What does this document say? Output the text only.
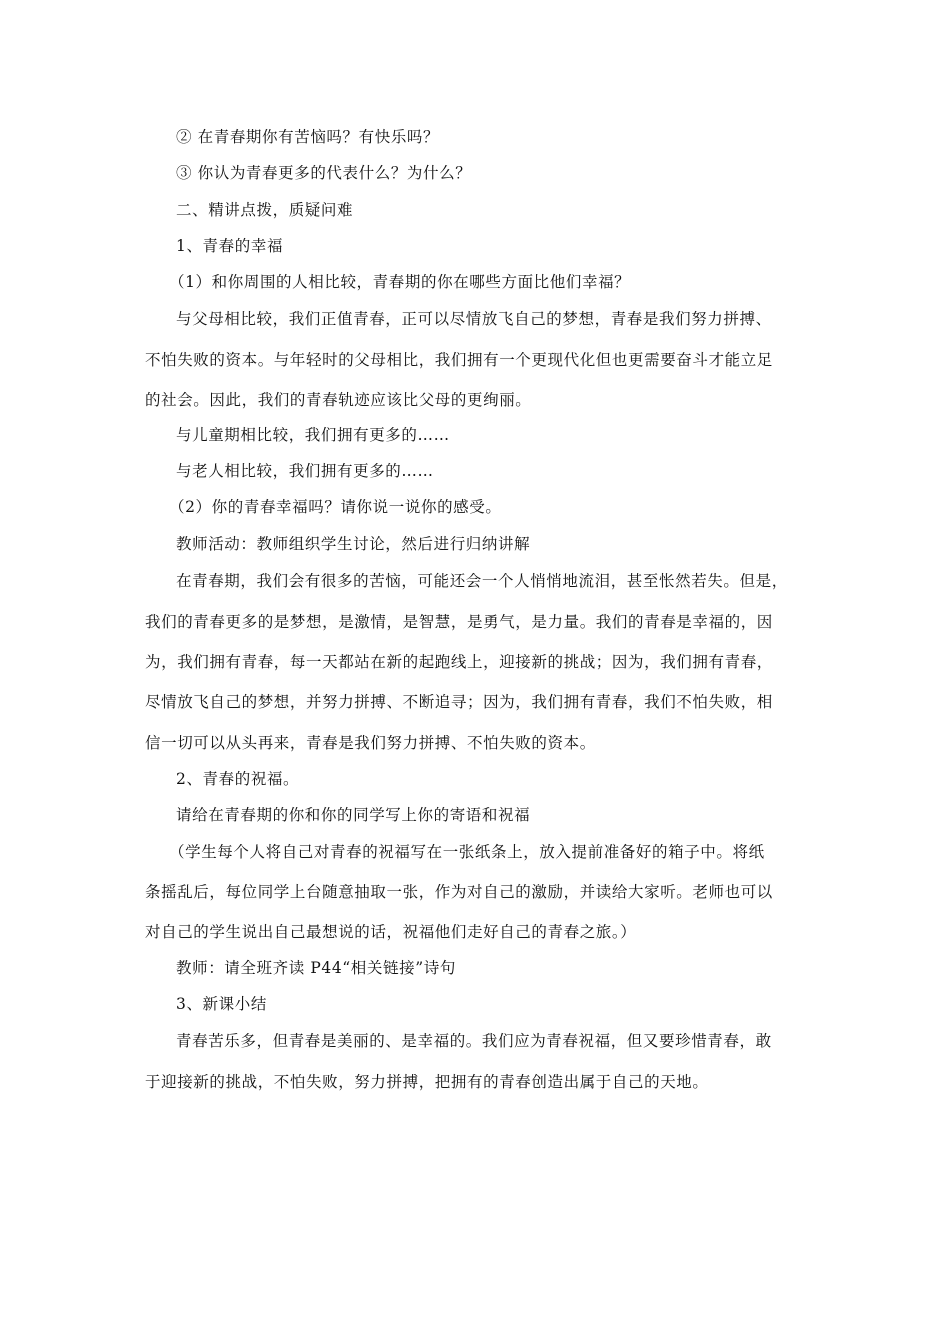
② 在青春期你有苦恼吗？有快乐吗？
③ 你认为青春更多的代表什么？为什么？
二、精讲点拨，质疑问难
1、青春的幸福
（1）和你周围的人相比较，青春期的你在哪些方面比他们幸福？
与父母相比较，我们正值青春，正可以尽情放飞自己的梦想，青春是我们努力拼搏、
不怕失败的资本。与年轻时的父母相比，我们拥有一个更现代化但也更需要奋斗才能立足
的社会。因此，我们的青春轨迹应该比父母的更绚丽。
与儿童期相比较，我们拥有更多的……
与老人相比较，我们拥有更多的……
（2）你的青春幸福吗？请你说一说你的感受。
教师活动：教师组织学生讨论，然后进行归纳讲解
在青春期，我们会有很多的苦恼，可能还会一个人悄悄地流泪，甚至怅然若失。但是，
我们的青春更多的是梦想，是激情，是智慧，是勇气，是力量。我们的青春是幸福的，因
为，我们拥有青春，每一天都站在新的起跑线上，迎接新的挑战；因为，我们拥有青春，
尽情放飞自己的梦想，并努力拼搏、不断追寻；因为，我们拥有青春，我们不怕失败，相
信一切可以从头再来，青春是我们努力拼搏、不怕失败的资本。
2、青春的祝福。
请给在青春期的你和你的同学写上你的寄语和祝福
（学生每个人将自己对青春的祝福写在一张纸条上，放入提前准备好的箱子中。将纸
条摇乱后，每位同学上台随意抽取一张，作为对自己的激励，并读给大家听。老师也可以
对自己的学生说出自己最想说的话，祝福他们走好自己的青春之旅。）
教师：请全班齐读 P44“相关链接”诗句
3、新课小结
青春苦乐多，但青春是美丽的、是幸福的。我们应为青春祝福，但又要珍惜青春，敢
于迎接新的挑战，不怕失败，努力拼搏，把拥有的青春创造出属于自己的天地。
